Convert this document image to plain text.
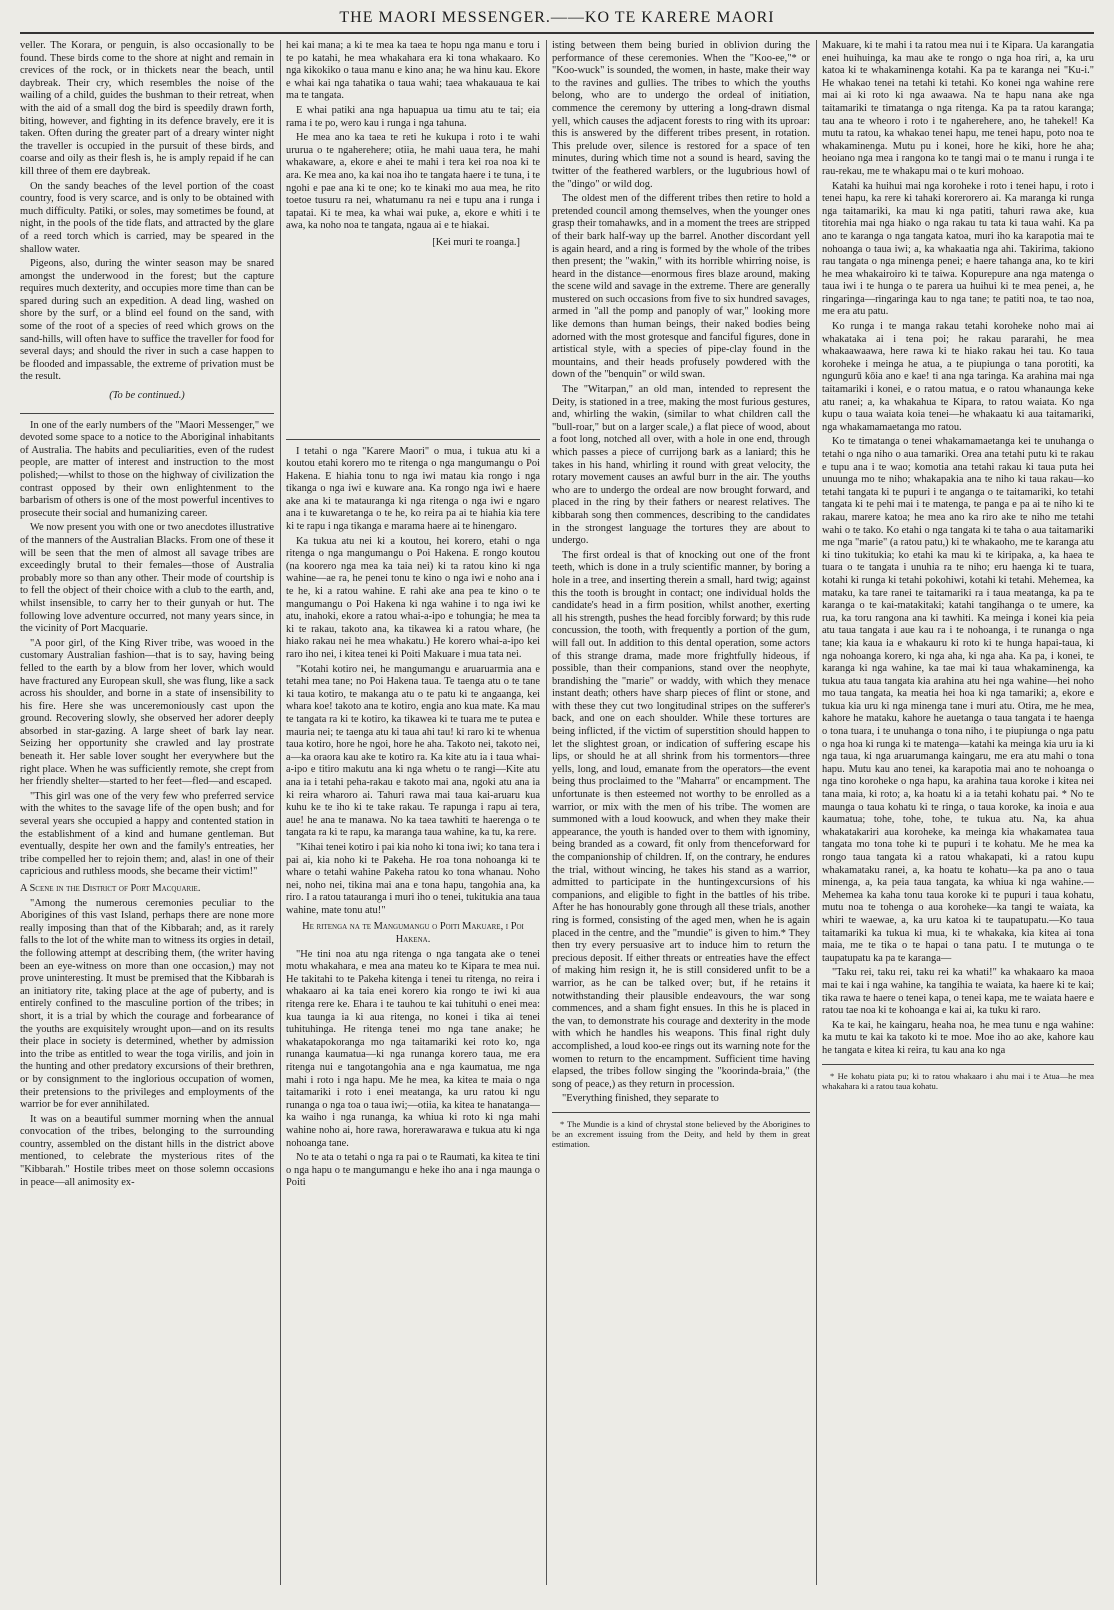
THE MAORI MESSENGER.——KO TE KARERE MAORI

veller. The Korara, or penguin, is also occasionally to be found. These birds come to the shore at night and remain in crevices of the rock, or in thickets near the beach, until daybreak. Their cry, which resembles the noise of the wailing of a child, guides the bushman to their retreat, when with the aid of a small dog the bird is speedily drawn forth, biting, however, and fighting in its defence bravely, ere it is taken. Often during the greater part of a dreary winter night the traveller is occupied in the pursuit of these birds, and coarse and oily as their flesh is, he is amply repaid if he can kill three of them ere daybreak.

On the sandy beaches of the level portion of the coast country, food is very scarce, and is only to be obtained with much difficulty. Patiki, or soles, may sometimes be found, at night, in the pools of the tide flats, and attracted by the glare of a reed torch which is carried, may be speared in the shallow water.

Pigeons, also, during the winter season may be snared amongst the underwood in the forest; but the capture requires much dexterity, and occupies more time than can be spared during such an expedition. A dead ling, washed on shore by the surf, or a blind eel found on the sand, with some of the root of a species of reed which grows on the sand-hills, will often have to suffice the traveller for food for several days; and should the river in such a case happen to be flooded and impassable, the extreme of privation must be the result.

(To be continued.)

In one of the early numbers of the "Maori Messenger," we devoted some space to a notice to the Aboriginal inhabitants of Australia. The habits and peculiarities, even of the rudest people, are matter of interest and instruction to the most polished;—whilst to those on the highway of civilization the contrast opposed by their own enlightenment to the barbarism of others is one of the most powerful incentives to prosecute their social and humanizing career.

We now present you with one or two anecdotes illustrative of the manners of the Australian Blacks. From one of these it will be seen that the men of almost all savage tribes are exceedingly brutal to their females—those of Australia probably more so than any other. Their mode of courtship is to fell the object of their choice with a club to the earth, and, whilst insensible, to carry her to their gunyah or hut. The following love adventure occurred, not many years since, in the vicinity of Port Macquarie.

"A poor girl, of the King River tribe, was wooed in the customary Australian fashion—that is to say, having being felled to the earth by a blow from her lover, which would have fractured any European skull, she was flung, like a sack across his shoulder, and borne in a state of insensibility to his fire. Here she was unceremoniously cast upon the ground. Recovering slowly, she observed her adorer deeply absorbed in star-gazing. A large sheet of bark lay near. Seizing her opportunity she crawled and lay prostrate beneath it. Her sable lover sought her everywhere but the right place. When he was sufficiently remote, she crept from her friendly shelter—started to her feet—fled—and escaped.

"This girl was one of the very few who preferred service with the whites to the savage life of the open bush; and for several years she occupied a happy and contented station in the establishment of a kind and humane gentleman. But eventually, despite her own and the family's entreaties, her tribe compelled her to rejoin them; and, alas! in one of their capricious and ruthless moods, she became their victim!"

A Scene in the District of Port Macquarie.

"Among the numerous ceremonies peculiar to the Aborigines of this vast Island, perhaps there are none more really imposing than that of the Kibbarah; and, as it rarely falls to the lot of the white man to witness its orgies in detail, the following attempt at describing them, (the writer having been an eye-witness on more than one occasion,) may not prove uninteresting. It must be premised that the Kibbarah is an initiatory rite, taking place at the age of puberty, and is entirely confined to the masculine portion of the tribes; in short, it is a trial by which the courage and forbearance of the youths are exquisitely wrought upon—and on its results their place in society is determined, whether by admission into the tribe as entitled to wear the toga virilis, and join in the hunting and other predatory excursions of their brethren, or by consignment to the inglorious occupation of women, their pretensions to the privileges and employments of the warrior be for ever annihilated.

It was on a beautiful summer morning when the annual convocation of the tribes, belonging to the surrounding country, assembled on the distant hills in the district above mentioned, to celebrate the mysterious rites of the "Kibbarah." Hostile tribes meet on those solemn occasions in peace—all animosity ex-

hei kai mana; a ki te mea ka taea te hopu nga manu e toru i te po katahi, he mea whakahara era ki tona whakaaro. Ko nga kikokiko o taua manu e kino ana; he wa hinu kau. Ekore e whai kai nga tahatika o taua wahi; taea whakauaua te kai ma te tangata.

E whai patiki ana nga hapuapua ua timu atu te tai; eia rama i te po, wero kau i runga i nga tahuna.

He mea ano ka taea te reti he kukupa i roto i te wahi ururua o te ngaherehere; otiia, he mahi uaua tera, he mahi whakaware, a, ekore e ahei te mahi i tera kei roa noa ki te ara. Ke mea ano, ka kai noa iho te tangata haere i te tuna, i te ngohi e pae ana ki te one; ko te kinaki mo aua mea, he rito toetoe tusuru ra nei, whatumanu ra nei e tupu ana i runga i tapatai. Ki te mea, ka whai wai puke, a, ekore e whiti i te awa, ka noho noa te tangata, ngaua ai e te hiakai.

[Kei muri te roanga.]

I tetahi o nga "Karere Maori" o mua, i tukua atu ki a koutou etahi korero mo te ritenga o nga mangumangu o Poi Hakena. E hiahia tonu to nga iwi matau kia rongo i nga tikanga o nga iwi e kuware ana. Ka rongo nga iwi e haere ake ana ki te matauranga ki nga ritenga o nga iwi e ngaro ana i te kuwaretanga o te he, ko reira pa ai te hiahia kia tere ki te rapu i nga tikanga e marama haere ai te hinengaro.

Ka tukua atu nei ki a koutou, hei korero, etahi o nga ritenga o nga mangumangu o Poi Hakena. E rongo koutou (na koorero nga mea ka taia nei) ki ta ratou kino ki nga wahine—ae ra, he penei tonu te kino o nga iwi e noho ana i te he, ki a ratou wahine. E rahi ake ana pea te kino o te mangumangu o Poi Hakena ki nga wahine i to nga iwi ke atu, inahoki, ekore a ratou whai-a-ipo e tohungia; he mea ta ki te rakau, takoto ana, ka tikawea ki a ratou whare, (he hiako rakau nei he mea whakatu.) He korero whai-a-ipo kei raro iho nei, i kitea tenei ki Poiti Makuare i mua tata nei.

"Kotahi kotiro nei, he mangumangu e aruaruarmia ana e tetahi mea tane; no Poi Hakena taua. Te taenga atu o te tane ki taua kotiro, te makanga atu o te patu ki te angaanga, kei whara koe! takoto ana te kotiro, engia ano kua mate. Ka mau te tangata ra ki te kotiro, ka tikawea ki te tuara me te putea e mauria nei; te taenga atu ki taua ahi tau! ki raro ki te whenua taua kotiro, hore he ngoi, hore he aha. Takoto nei, takoto nei, a—ka oraora kau ake te kotiro ra. Ka kite atu ia i taua whai-a-ipo e titiro makutu ana ki nga whetu o te rangi—Kite atu ana ia i tetahi peha-rakau e takoto mai ana, ngoki atu ana ia ki reira wharoro ai. Tahuri rawa mai taua kai-aruaru kua kuhu ke te iho ki te take rakau. Te rapunga i rapu ai tera, aue! he ana te manawa. No ka taea tawhiti te haerenga o te tangata ra ki te rapu, ka maranga taua wahine, ka tu, ka rere.

"Kihai tenei kotiro i pai kia noho ki tona iwi; ko tana tera i pai ai, kia noho ki te Pakeha. He roa tona nohoanga ki te whare o tetahi wahine Pakeha ratou ko tona whanau. Noho nei, noho nei, tikina mai ana e tona hapu, tangohia ana, ka riro. I a ratou tatauranga i muri iho o tenei, tukitukia ana taua wahine, mate tonu atu!"

He ritenga na te Mangumangu o Poiti Makuare, i Poi Hakena.

"He tini noa atu nga ritenga o nga tangata ake o tenei motu whakahara, e mea ana mateu ko te Kipara te mea nui. He takitahi to te Pakeha kitenga i tenei tu ritenga, no reira i whakaaro ai ka taia enei korero kia rongo te iwi ki aua ritenga rere ke. Ehara i te tauhou te kai tuhituhi o enei mea: kua taunga ia ki aua ritenga, no konei i tika ai tenei tuhituhinga. He ritenga tenei mo nga tane anake; he whakatapokoranga mo nga taitamariki kei roto ko, nga runanga kaumatua—ki nga runanga korero taua, me era ritenga nui e tangotangohia ana e nga kaumatua, me nga mahi i roto i nga hapu. Me he mea, ka kitea te maia o nga taitamariki i roto i enei meatanga, ka uru ratou ki ngu runanga o nga toa o taua iwi;—otiia, ka kitea te hanatanga—ka waiho i nga runanga, ka whiua ki roto ki nga mahi wahine noho ai, hore rawa, horerawarawa e tukua atu ki nga nohoanga tane.

No te ata o tetahi o nga ra pai o te Raumati, ka kitea te tini o nga hapu o te mangumangu e heke iho ana i nga maunga o Poiti

isting between them being buried in oblivion during the performance of these ceremonies. When the "Koo-ee,"* or "Koo-wuck" is sounded, the women, in haste, make their way to the ravines and gullies. The tribes to which the youths belong, who are to undergo the ordeal of initiation, commence the ceremony by uttering a long-drawn dismal yell, which causes the adjacent forests to ring with its uproar: this is answered by the different tribes present, in rotation. This prelude over, silence is restored for a space of ten minutes, during which time not a sound is heard, saving the twitter of the feathered warblers, or the lugubrious howl of the "dingo" or wild dog.

The oldest men of the different tribes then retire to hold a pretended council among themselves, when the younger ones grasp their tomahawks, and in a moment the trees are stripped of their bark half-way up the barrel. Another discordant yell is again heard, and a ring is formed by the whole of the tribes then present; the "wakin," with its horrible whirring noise, is heard in the distance—enormous fires blaze around, making the scene wild and savage in the extreme. There are generally mustered on such occasions from five to six hundred savages, armed in "all the pomp and panoply of war," looking more like demons than human beings, their naked bodies being adorned with the most grotesque and fanciful figures, done in artistical style, with a species of pipe-clay found in the mountains, and their heads profusely powdered with the down of the "benquin" or wild swan.

The "Witarpan," an old man, intended to represent the Deity, is stationed in a tree, making the most furious gestures, and, whirling the wakin, (similar to what children call the "bull-roar," but on a larger scale,) a flat piece of wood, about a foot long, notched all over, with a hole in one end, through which passes a piece of currijong bark as a laniard; this he takes in his hand, whirling it round with great velocity, the rotary movement causes an awful burr in the air. The youths who are to undergo the ordeal are now brought forward, and placed in the ring by their fathers or nearest relatives. The kibbarah song then commences, describing to the candidates in the strongest language the tortures they are about to undergo.

The first ordeal is that of knocking out one of the front teeth, which is done in a truly scientific manner, by boring a hole in a tree, and inserting therein a small, hard twig; against this the tooth is brought in contact; one individual holds the candidate's head in a firm position, whilst another, exerting all his strength, pushes the head forcibly forward; by this rude concussion, the tooth, with frequently a portion of the gum, will fall out. In addition to this dental operation, some actors of this strange drama, made more frightfully hideous, if possible, than their companions, stand over the neophyte, brandishing the "marie" or waddy, with which they menace instant death; others have sharp pieces of flint or stone, and with these they cut two longitudinal stripes on the sufferer's back, and one on each shoulder. While these tortures are being inflicted, if the victim of superstition should happen to let the slightest groan, or indication of suffering escape his lips, or should he at all shrink from his tormentors—three yells, long, and loud, emanate from the operators—the event being thus proclaimed to the "Maharra" or encampment. The unfortunate is then esteemed not worthy to be enrolled as a warrior, or mix with the men of his tribe. The women are summoned with a loud koowuck, and when they make their appearance, the youth is handed over to them with ignominy, being branded as a coward, fit only from thenceforward for the companionship of children. If, on the contrary, he endures the trial, without wincing, he takes his stand as a warrior, admitted to participate in the huntingexcursions of his companions, and eligible to fight in the battles of his tribe. After he has honourably gone through all these trials, another ring is formed, consisting of the aged men, when he is again placed in the centre, and the "mundie" is given to him.* They then try every persuasive art to induce him to return the precious deposit. If either threats or entreaties have the effect of making him resign it, he is still considered unfit to be a warrior, as he can be talked over; but, if he retains it notwithstanding their plausible endeavours, the war song commences, and a sham fight ensues. In this he is placed in the van, to demonstrate his courage and dexterity in the mode with which he handles his weapons. This final right duly accomplished, a loud koo-ee rings out its warning note for the women to return to the encampment. Sufficient time having elapsed, the tribes follow singing the "koorinda-braia," (the song of peace,) as they return in procession.

"Everything finished, they separate to

* The Mundie is a kind of chrystal stone believed by the Aborigines to be an excrement issuing from the Deity, and held by them in great estimation.

Makuare, ki te mahi i ta ratou mea nui i te Kipara. Ua karangatia enei huihuinga, ka mau ake te rongo o nga hoa riri, a, ka uru katoa ki te whakaminenga kotahi. Ka pa te karanga nei "Ku-i." He whakao tenei na tetahi ki tetahi. Ko konei nga wahine rere mai ai ki roto ki nga awaawa. Na te hapu nana ake nga taitamariki te timatanga o nga ritenga. Ka pa ta ratou karanga; tau ana te wheoro i roto i te ngaherehere, ano, he tahekel! Ka mutu ta ratou, ka whakao tenei hapu, me tenei hapu, poto noa te whakaminenga. Mutu pu i konei, hore he kiki, hore he aha; heoiano nga mea i rangona ko te tangi mai o te manu i runga i te rau-rekau, me te whakapu mai o te kuri mohoao.

Katahi ka huihui mai nga koroheke i roto i tenei hapu, i roto i tenei hapu, ka rere ki tahaki korerorero ai. Ka maranga ki runga nga taitamariki, ka mau ki nga patiti, tahuri rawa ake, kua titorehia mai nga hiako o nga rakau tu tata ki taua wahi. Ka pa ano te karanga o nga tangata katoa, muri iho ka karapotia mai te nohoanga o taua iwi; a, ka whakaatia nga ahi. Takirima, takiono rau tangata o nga minenga penei; e haere tahanga ana, ko te kiri he mea whakairoiro ki te taiwa. Kopurepure ana nga matenga o taua iwi i te hunga o te parera ua huihui ki te mea penei, a, he ringaringa—ringaringa kau to nga tane; te patiti noa, te tao noa, me era atu patu.

Ko runga i te manga rakau tetahi koroheke noho mai ai whakataka ai i tena poi; he rakau pararahi, he mea whakaawaawa, here rawa ki te hiako rakau hei tau. Ko taua koroheke i meinga he atua, a te piupiunga o tana porotiti, ka ngungurū kōia ano e kae! ti ana nga taringa. Ka arahina mai nga taitamariki i konei, e o ratou matua, e o ratou whanaunga keke atu ranei; a, ka whakahua te Kipara, to ratou waiata. Ko nga kupu o taua waiata koia tenei—he whakaatu ki aua taitamariki, nga whakamamaetanga mo ratou.

Ko te timatanga o tenei whakamamaetanga kei te unuhanga o tetahi o nga niho o aua tamariki. Orea ana tetahi putu ki te rakau e tupu ana i te wao; komotia ana tetahi rakau ki taua puta hei unuunga mo te niho; whakapakia ana te niho ki taua rakau—ko tetahi tangata ki te pupuri i te anganga o te taitamariki, ko tetahi tangata ki te pehi mai i te matenga, te panga e pa ai te niho ki te rakau, marere katoa; he mea ano ka riro ake te niho me tetahi wahi o te tako. Ko etahi o nga tangata ki te taha o aua taitamariki me nga "marie" (a ratou patu,) ki te whakaoho, me te karanga atu ki tino tukitukia; ko etahi ka mau ki te kiripaka, a, ka haea te tuara o te tangata i unuhia ra te niho; eru haenga ki te tuara, kotahi ki runga ki tetahi pokohiwi, kotahi ki tetahi. Mehemea, ka mataku, ka tare ranei te taitamariki ra i taua meatanga, ka pa te karanga o te kai-matakitaki; katahi tangihanga o te umere, ka rua, ka toru rangona ana ki tawhiti. Ka meinga i konei kia peia atu taua tangata i aue kau ra i te nohoanga, i te runanga o nga tane; kia kaua ia e whakauru ki roto ki te hunga hapai-taua, ki nga nohoanga korero, ki nga aha, ki nga aha. Ka pa, i konei, te karanga ki nga wahine, ka tae mai ki taua whakaminenga, ka tukua atu taua tangata kia arahina atu hei nga wahine—hei noho mo taua tangata, ka meatia hei hoa ki nga tamariki; a, ekore e tukua kia uru ki nga minenga tane i muri atu. Otira, me he mea, kahore he mataku, kahore he auetanga o taua tangata i te haenga o tona tuara, i te unuhanga o tona niho, i te piupiunga o nga patu o nga hoa ki runga ki te matenga—katahi ka meinga kia uru ia ki nga taua, ki nga aruarumanga kaingaru, me era atu mahi o tona hapu. Mutu kau ano tenei, ka karapotia mai ano te nohoanga o nga tino koroheke o nga hapu, ka arahina taua koroke i kitea nei tana maia, ki roto; a, ka hoatu ki a ia tetahi kohatu pai. * No te maunga o taua kohatu ki te ringa, o taua koroke, ka inoia e aua kaumatua; tohe, tohe, tohe, te tukua atu. Na, ka ahua whakatakariri aua koroheke, ka meinga kia whakamatea taua tangata mo tona tohe ki te pupuri i te kohatu. Me he mea ka rongo taua tangata ki a ratou whakapati, ki a ratou kupu whakamataku ranei, a, ka hoatu te kohatu—ka pa ano o taua minenga, a, ka peia taua tangata, ka whiua ki nga wahine.—Mehemea ka kaha tonu taua koroke ki te pupuri i taua kohatu, mutu noa te tohenga o aua koroheke—ka tangi te waiata, ka whiri te waewae, a, ka uru katoa ki te taupatupatu.—Ko taua taitamariki ka tukua ki mua, ki te whakaka, kia kitea ai tona maia, me te tika o te hapai o tana patu. I te mutunga o te taupatupatu ka pa te karanga—

"Taku rei, taku rei, taku rei ka whati!" ka whakaaro ka maoa mai te kai i nga wahine, ka tangihia te waiata, ka haere ki te kai; tika rawa te haere o tenei kapa, o tenei kapa, me te waiata haere e ratou tae noa ki te kohoanga e kai ai, ka tuku ki raro.

Ka te kai, he kaingaru, heaha noa, he mea tunu e nga wahine: ka mutu te kai ka takoto ki te moe. Moe iho ao ake, kahore kau he tangata e kitea ki reira, tu kau ana ko nga

* He kohatu piata pu; ki to ratou whakaaro i ahu mai i te Atua—he mea whakahara ki a ratou taua kohatu.
